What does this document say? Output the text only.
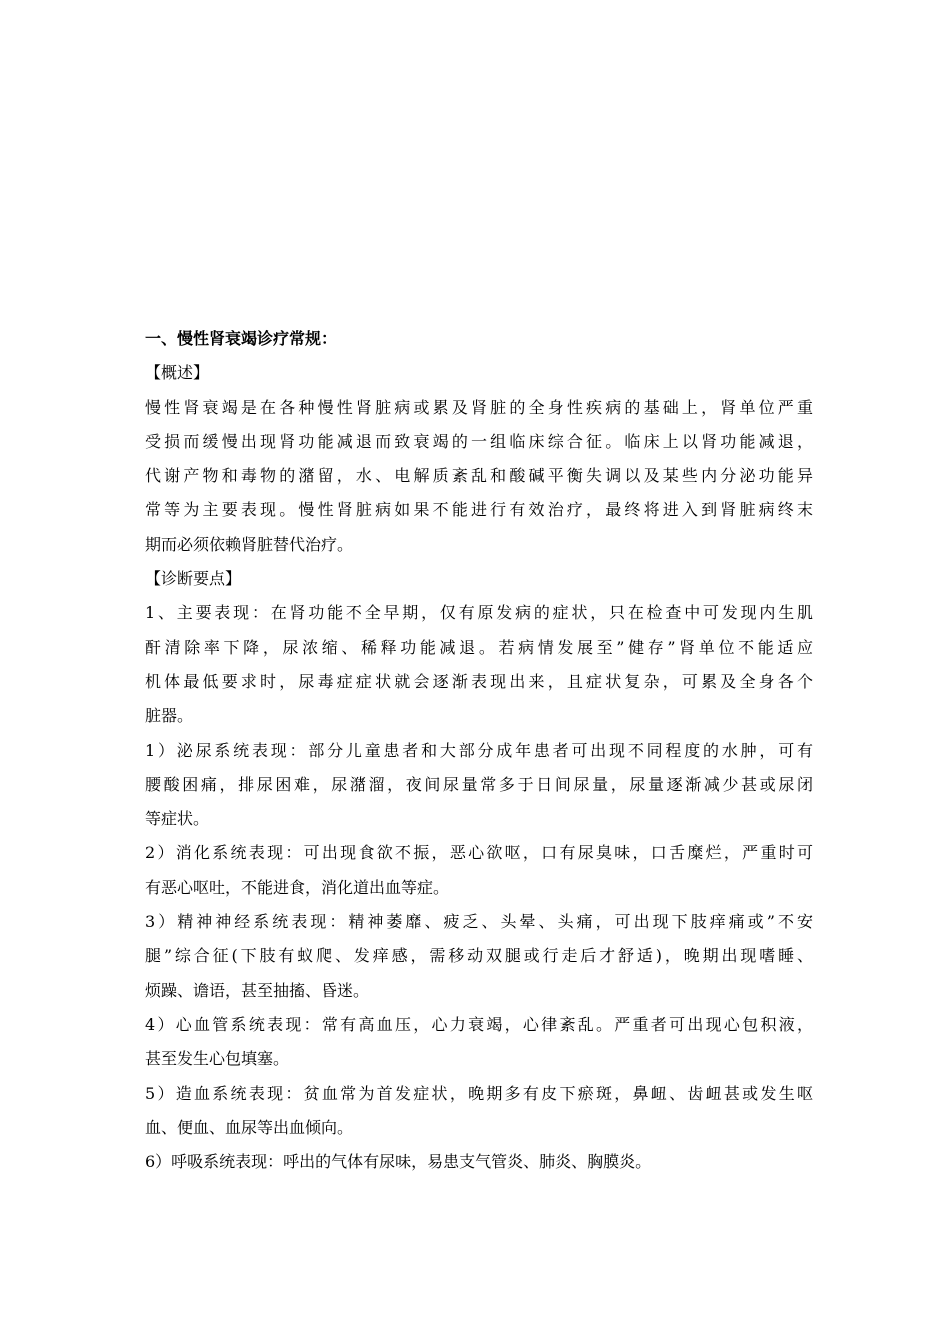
一、慢性肾衰竭诊疗常规：
【概述】
慢性肾衰竭是在各种慢性肾脏病或累及肾脏的全身性疾病的基础上，肾单位严重
受损而缓慢出现肾功能减退而致衰竭的一组临床综合征。临床上以肾功能减退，
代谢产物和毒物的潴留，水、电解质紊乱和酸碱平衡失调以及某些内分泌功能异
常等为主要表现。慢性肾脏病如果不能进行有效治疗，最终将进入到肾脏病终末
期而必须依赖肾脏替代治疗。
【诊断要点】
1、主要表现：在肾功能不全早期，仅有原发病的症状，只在检查中可发现内生肌
酐清除率下降，尿浓缩、稀释功能减退。若病情发展至”健存”肾单位不能适应
机体最低要求时，尿毒症症状就会逐渐表现出来，且症状复杂，可累及全身各个
脏器。
1）泌尿系统表现：部分儿童患者和大部分成年患者可出现不同程度的水肿，可有
腰酸困痛，排尿困难，尿潴溜，夜间尿量常多于日间尿量，尿量逐渐减少甚或尿闭
等症状。
2）消化系统表现：可出现食欲不振，恶心欲呕，口有尿臭味，口舌糜烂，严重时可
有恶心呕吐，不能进食，消化道出血等症。
3）精神神经系统表现：精神萎靡、疲乏、头晕、头痛，可出现下肢痒痛或”不安
腿”综合征(下肢有蚁爬、发痒感，需移动双腿或行走后才舒适)，晚期出现嗜睡、
烦躁、谵语，甚至抽搐、昏迷。
4）心血管系统表现：常有高血压，心力衰竭，心律紊乱。严重者可出现心包积液，
甚至发生心包填塞。
5）造血系统表现：贫血常为首发症状，晚期多有皮下瘀斑，鼻衄、齿衄甚或发生呕
血、便血、血尿等出血倾向。
6）呼吸系统表现：呼出的气体有尿味，易患支气管炎、肺炎、胸膜炎。
